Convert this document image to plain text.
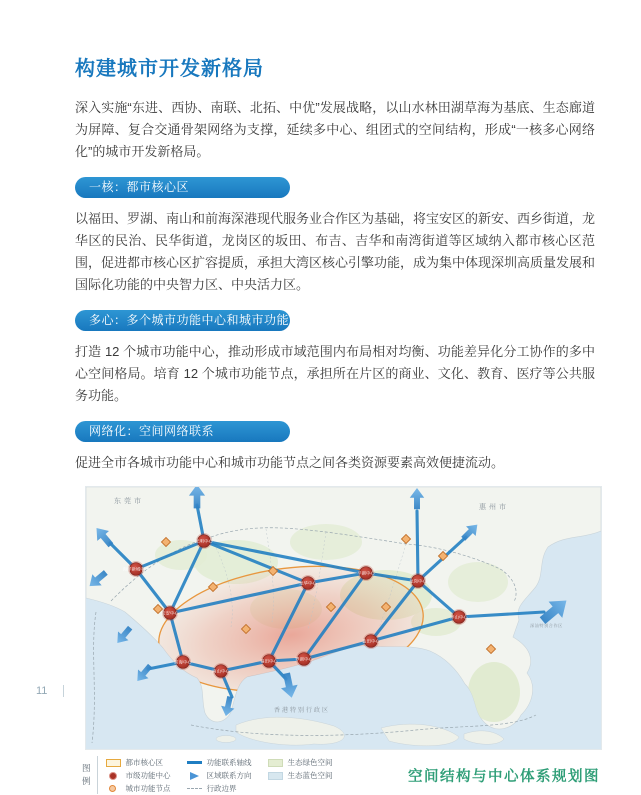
构建城市开发新格局

深入实施“东进、西协、南联、北拓、中优”发展战略，以山水林田湖草海为基底、生态廊道为屏障、复合交通骨架网络为支撑，延续多中心、组团式的空间结构，形成“一核多心网络化”的城市开发新格局。

一核：都市核心区

以福田、罗湖、南山和前海深港现代服务业合作区为基础，将宝安区的新安、西乡街道，龙华区的民治、民华街道，龙岗区的坂田、布吉、吉华和南湾街道等区域纳入都市核心区范围，促进都市核心区扩容提质，承担大湾区核心引擎功能，成为集中体现深圳高质量发展和国际化功能的中央智力区、中央活力区。

多心：多个城市功能中心和城市功能节点

打造 12 个城市功能中心，推动形成市域范围内布局相对均衡、功能差异化分工协作的多中心空间格局。培育 12 个城市功能节点，承担所在片区的商业、文化、教育、医疗等公共服务功能。

网络化：空间网络联系

促进全市各城市功能中心和城市功能节点之间各类资源要素高效便捷流动。

海洋新城中心
宝安中心
光明中心
龙华中心
平湖中心
龙岗中心
坪山中心
前海中心
南山中心
福田中心	罗湖中心
盐田中心
东莞市
惠州市
香港特别行政区
深汕特别合作区
图
例
都市核心区
市级功能中心
城市功能节点
功能联系轴线
区域联系方向
行政边界
生态绿色空间
生态蓝色空间	空间结构与中心体系规划图
11
